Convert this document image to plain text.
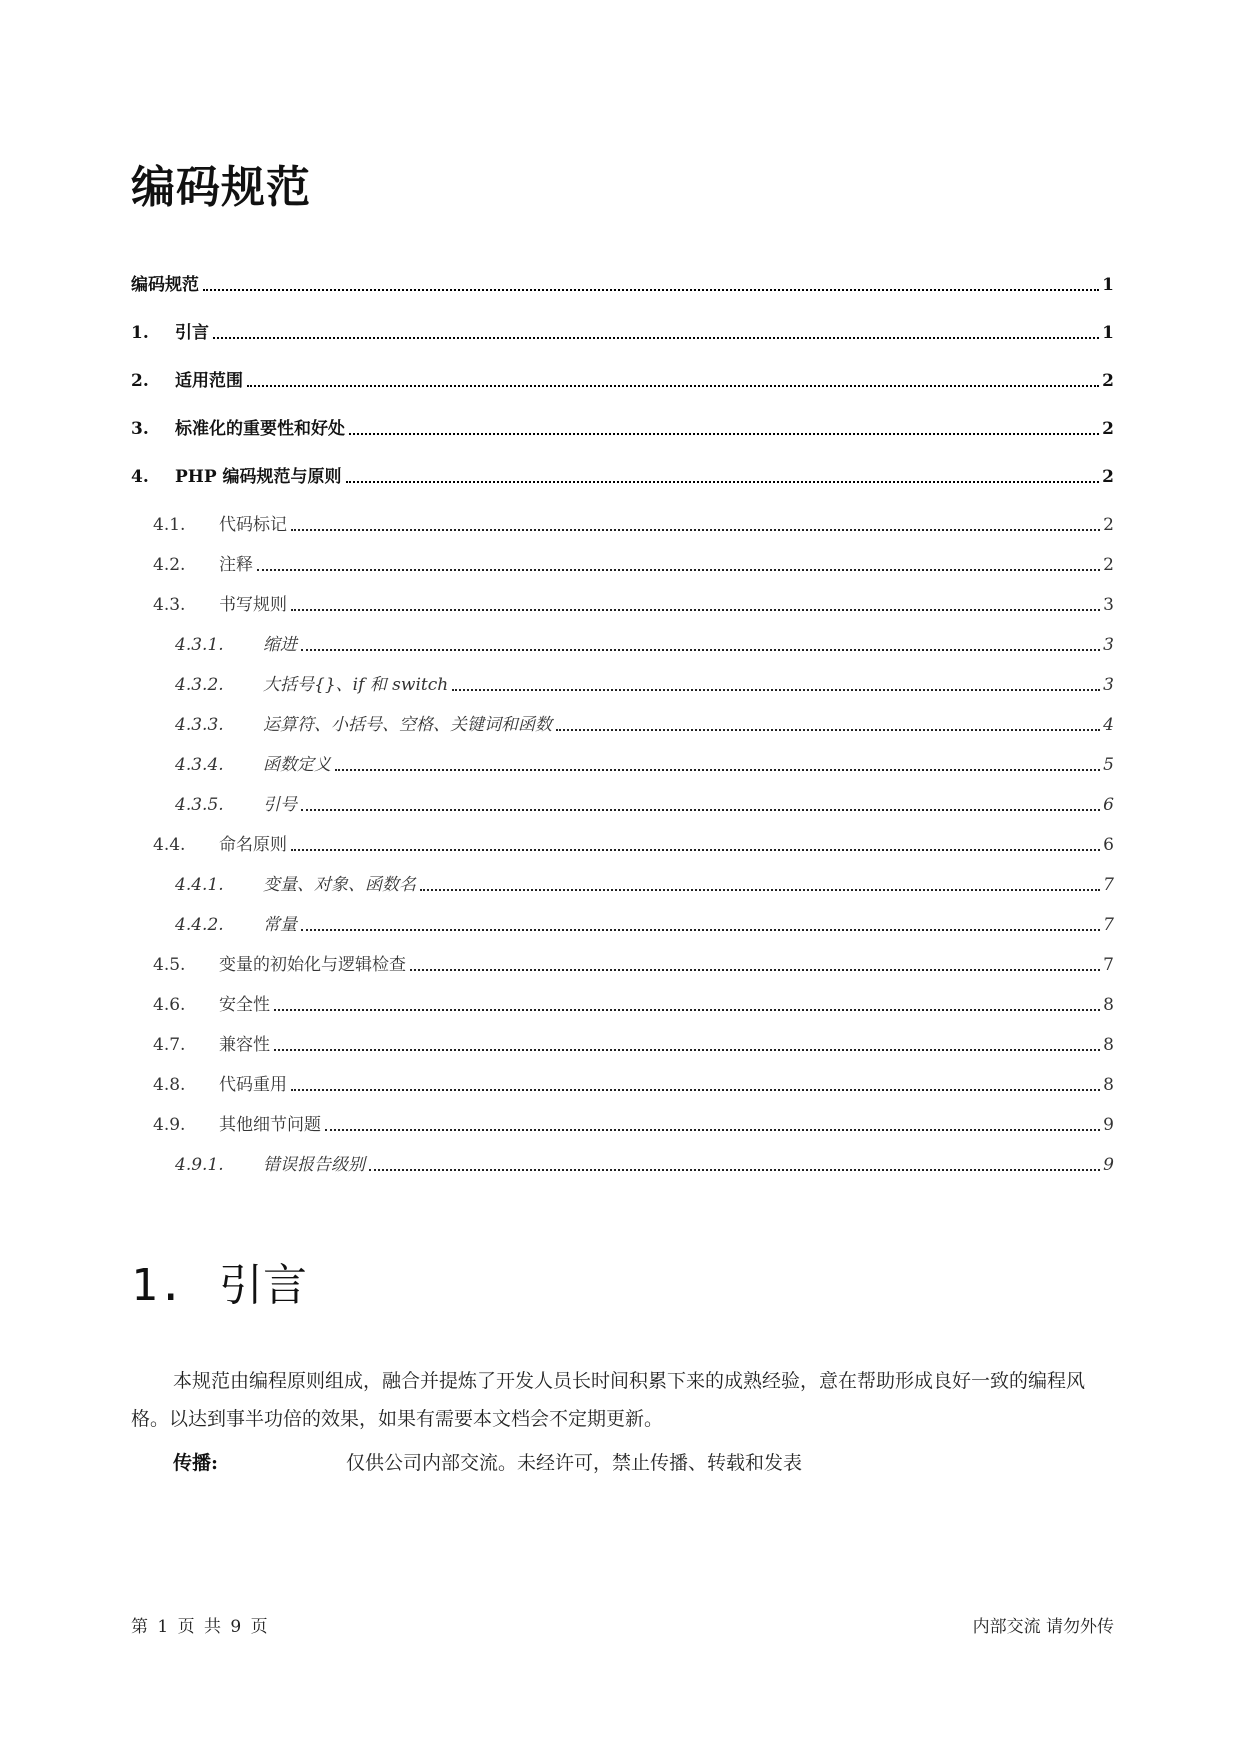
编码规范
编码规范	1
1.	引言	1
2.	适用范围	2
3.	标准化的重要性和好处	2
4.	PHP 编码规范与原则	2
4.1.	代码标记	2
4.2.	注释	2
4.3.	书写规则	3
4.3.1.	缩进	3
4.3.2.	大括号{}、if 和 switch	3
4.3.3.	运算符、小括号、空格、关键词和函数	4
4.3.4.	函数定义	5
4.3.5.	引号	6
4.4.	命名原则	6
4.4.1.	变量、对象、函数名	7
4.4.2.	常量	7
4.5.	变量的初始化与逻辑检查	7
4.6.	安全性	8
4.7.	兼容性	8
4.8.	代码重用	8
4.9.	其他细节问题	9
4.9.1.	错误报告级别	9
1. 引言

本规范由编程原则组成，融合并提炼了开发人员长时间积累下来的成熟经验，意在帮助形成良好一致的编程风格。以达到事半功倍的效果，如果有需要本文档会不定期更新。

传播:	仅供公司内部交流。未经许可，禁止传播、转载和发表
第 1 页 共 9 页	内部交流 请勿外传
